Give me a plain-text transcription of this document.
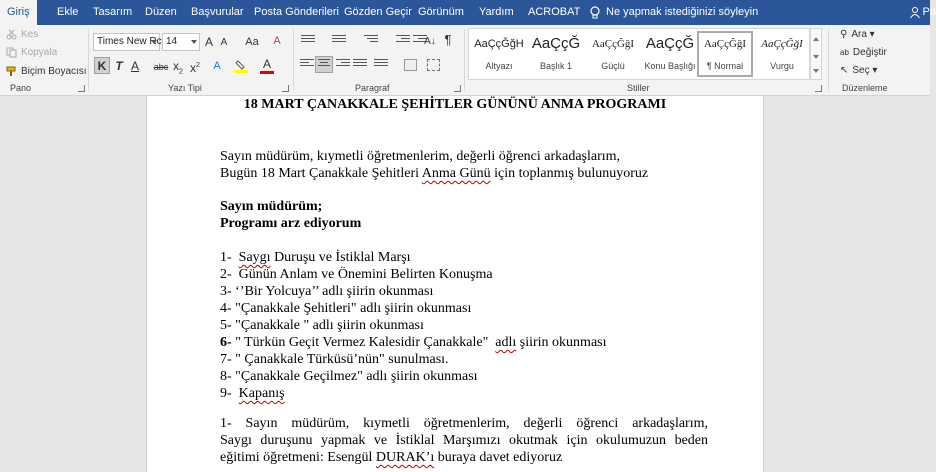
Giriş	Ekle Tasarım Düzen Başvurular Posta Gönderileri Gözden Geçir Görünüm Yardım ACROBAT	Ne yapmak istediğinizi söyleyin	Pa
Kes
Kopyala
Biçim Boyacısı
Pano
Times New Rc 14	A A	Aa	A
K T A abc $x_2$ $x^2$ A	A
Yazı Tipi
A↓ ¶
Paragraf
AaÇçĞğH
Altyazı
AaÇçĞ
Başlık 1
AaÇçĞğI
Güçlü
AaÇçĞ
Konu Başlığı
AaÇçĞğI
¶ Normal
AaÇçĞğI
Vurgu
Stiller
⚲ Ara ▾
ab Değiştir
↖ Seç ▾
Düzenleme
18 MART ÇANAKKALE ŞEHİTLER GÜNÜNÜ ANMA PROGRAMI
Sayın müdürüm, kıymetli öğretmenlerim, değerli öğrenci arkadaşlarım,
Bugün 18 Mart Çanakkale Şehitleri Anma Günü için toplanmış bulunuyoruz
Sayın müdürüm;
Programı arz ediyorum
1- Saygı Duruşu ve İstiklal Marşı
2-  Günün Anlam ve Önemini Belirten Konuşma
3- ‘’Bir Yolcuya’’ adlı şiirin okunması
4- "Çanakkale Şehitleri" adlı şiirin okunması
5- "Çanakkale " adlı şiirin okunması
6- " Türkün Geçit Vermez Kalesidir Çanakkale"  adlı şiirin okunması
7- " Çanakkale Türküsü’nün" sunulması.
8- "Çanakkale Geçilmez" adlı şiirin okunması
9- Kapanış
1- Sayın müdürüm, kıymetli öğretmenlerim, değerli öğrenci arkadaşlarım,
Saygı duruşunu yapmak ve İstiklal Marşımızı okutmak için okulumuzun beden
eğitimi öğretmeni: Esengül DURAK’ı buraya davet ediyoruz
